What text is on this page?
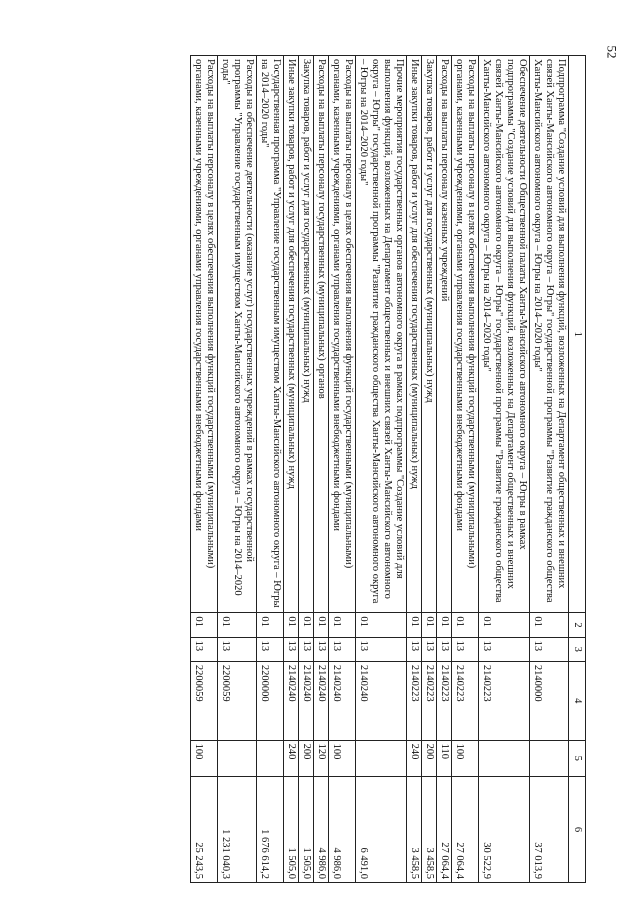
52
1	2	3	4	5	6
Подпрограмма "Создание условий для выполнения функций, возложенных на Департамент общественных и внешних связей Ханты-Мансийского автономного округа – Югры" государственной программы "Развитие гражданского общества Ханты-Мансийского автономного округа – Югры на 2014–2020 годы"	01	13	2140000		37 013,9
Обеспечение деятельности Общественной палаты Ханты-Мансийского автономного округа – Югры в рамках подпрограммы "Создание условий для выполнения функций, возложенных на Департамент общественных и внешних связей Ханты-Мансийского автономного округа – Югры" государственной программы "Развитие гражданского общества Ханты-Мансийского автономного округа – Югры на 2014–2020 годы"	01	13	2140223		30 522,9
Расходы на выплаты персоналу в целях обеспечения выполнения функций государственными (муниципальными) органами, казенными учреждениями, органами управления государственными внебюджетными фондами	01	13	2140223	100	27 064,4
Расходы на выплаты персоналу казенных учреждений	01	13	2140223	110	27 064,4
Закупка товаров, работ и услуг для государственных (муниципальных) нужд	01	13	2140223	200	3 458,5
Иные закупки товаров, работ и услуг для обеспечения государственных (муниципальных) нужд	01	13	2140223	240	3 458,5
Прочие мероприятия государственных органов автономного округа в рамках подпрограммы "Создание условий для выполнения функций, возложенных на Департамент общественных и внешних связей Ханты-Мансийского автономного округа – Югры" государственной программы "Развитие гражданского общества Ханты-Мансийского автономного округа – Югры на 2014–2020 годы"	01	13	2140240		6 491,0
Расходы на выплаты персоналу в целях обеспечения выполнения функций государственными (муниципальными) органами, казенными учреждениями, органами управления государственными внебюджетными фондами	01	13	2140240	100	4 986,0
Расходы на выплаты персоналу государственных (муниципальных) органов	01	13	2140240	120	4 986,0
Закупка товаров, работ и услуг для государственных (муниципальных) нужд	01	13	2140240	200	1 505,0
Иные закупки товаров, работ и услуг для обеспечения государственных (муниципальных) нужд	01	13	2140240	240	1 505,0
Государственная программа "Управление государственным имуществом Ханты-Мансийского автономного округа – Югры на 2014–2020 годы"	01	13	2200000		1 676 614,2
Расходы на обеспечение деятельности (оказание услуг) государственных учреждений в рамках государственной программы "Управление государственным имуществом Ханты-Мансийского автономного округа – Югры на 2014–2020 годы"	01	13	2200059		1 231 040,3
Расходы на выплаты персоналу в целях обеспечения выполнения функций государственными (муниципальными) органами, казенными учреждениями, органами управления государственными внебюджетными фондами	01	13	2200059	100	25 243,5
